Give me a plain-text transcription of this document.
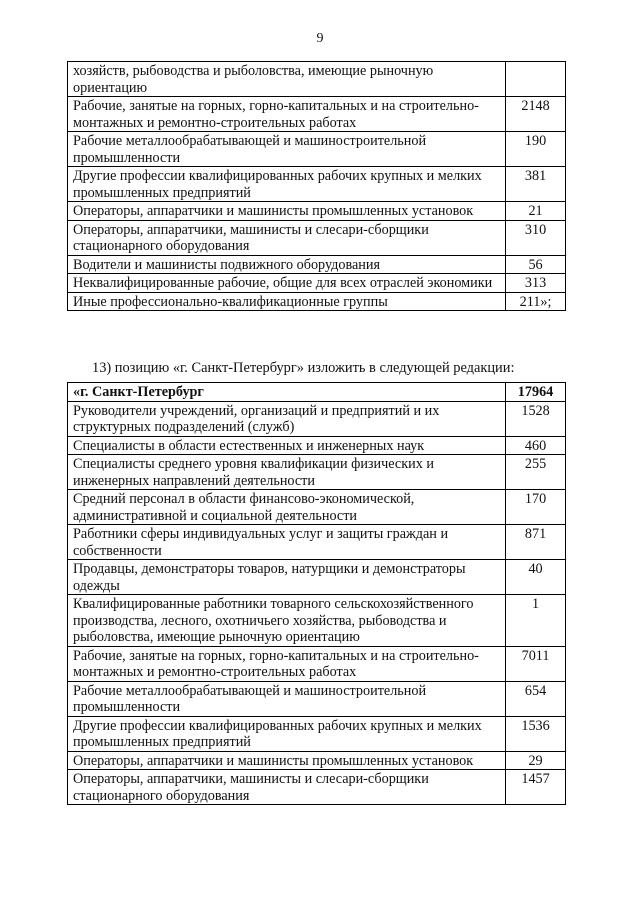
9
хозяйств, рыбоводства и рыболовства, имеющие рыночную ориентацию	
Рабочие, занятые на горных, горно-капитальных и на строительно-монтажных и ремонтно-строительных работах	2148
Рабочие металлообрабатывающей и машиностроительной промышленности	190
Другие профессии квалифицированных рабочих крупных и мелких промышленных предприятий	381
Операторы, аппаратчики и машинисты промышленных установок	21
Операторы, аппаратчики, машинисты и слесари-сборщики стационарного оборудования	310
Водители и машинисты подвижного оборудования	56
Неквалифицированные рабочие, общие для всех отраслей экономики	313
Иные профессионально-квалификационные группы	211»;
13) позицию «г. Санкт-Петербург» изложить в следующей редакции:
«г. Санкт-Петербург	17964
Руководители учреждений, организаций и предприятий и их структурных подразделений (служб)	1528
Специалисты в области естественных и инженерных наук	460
Специалисты среднего уровня квалификации физических и инженерных направлений деятельности	255
Средний персонал в области финансово-экономической, административной и социальной деятельности	170
Работники сферы индивидуальных услуг и защиты граждан и собственности	871
Продавцы, демонстраторы товаров, натурщики и демонстраторы одежды	40
Квалифицированные работники товарного сельскохозяйственного производства, лесного, охотничьего хозяйства, рыбоводства и рыболовства, имеющие рыночную ориентацию	1
Рабочие, занятые на горных, горно-капитальных и на строительно-монтажных и ремонтно-строительных работах	7011
Рабочие металлообрабатывающей и машиностроительной промышленности	654
Другие профессии квалифицированных рабочих крупных и мелких промышленных предприятий	1536
Операторы, аппаратчики и машинисты промышленных установок	29
Операторы, аппаратчики, машинисты и слесари-сборщики стационарного оборудования	1457
